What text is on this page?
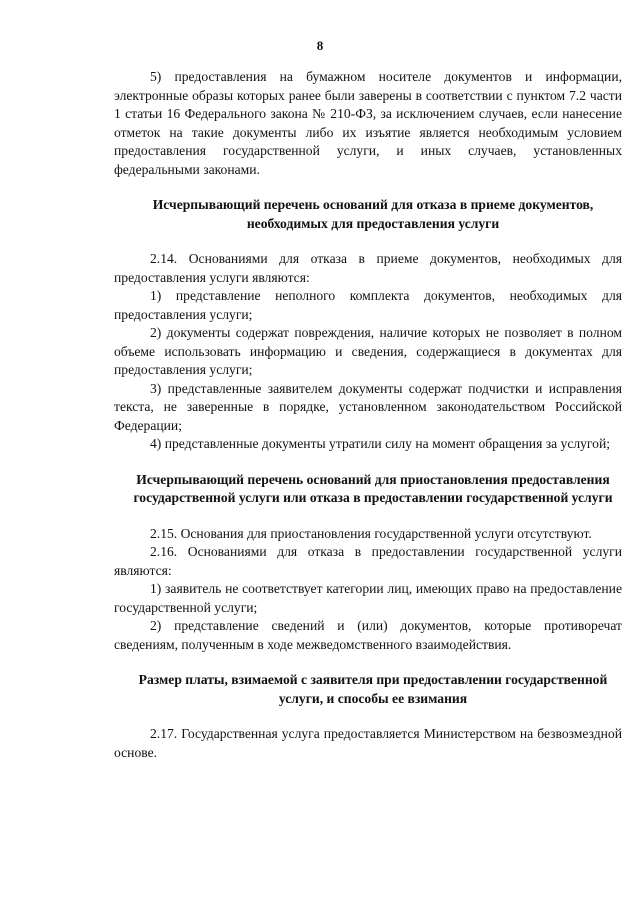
8

5) предоставления на бумажном носителе документов и информации, электронные образы которых ранее были заверены в соответствии с пунктом 7.2 части 1 статьи 16 Федерального закона № 210-ФЗ, за исключением случаев, если нанесение отметок на такие документы либо их изъятие является необходимым условием предоставления государственной услуги, и иных случаев, установленных федеральными законами.

Исчерпывающий перечень оснований для отказа в приеме документов, необходимых для предоставления услуги

2.14. Основаниями для отказа в приеме документов, необходимых для предоставления услуги являются:

1) представление неполного комплекта документов, необходимых для предоставления услуги;

2) документы содержат повреждения, наличие которых не позволяет в полном объеме использовать информацию и сведения, содержащиеся в документах для предоставления услуги;

3) представленные заявителем документы содержат подчистки и исправления текста, не заверенные в порядке, установленном законодательством Российской Федерации;

4) представленные документы утратили силу на момент обращения за услугой;

Исчерпывающий перечень оснований для приостановления предоставления государственной услуги или отказа в предоставлении государственной услуги

2.15. Основания для приостановления государственной услуги отсутствуют.

2.16. Основаниями для отказа в предоставлении государственной услуги являются:

1) заявитель не соответствует категории лиц, имеющих право на предоставление государственной услуги;

2) представление сведений и (или) документов, которые противоречат сведениям, полученным в ходе межведомственного взаимодействия.

Размер платы, взимаемой с заявителя при предоставлении государственной услуги, и способы ее взимания

2.17. Государственная услуга предоставляется Министерством на безвозмездной основе.
